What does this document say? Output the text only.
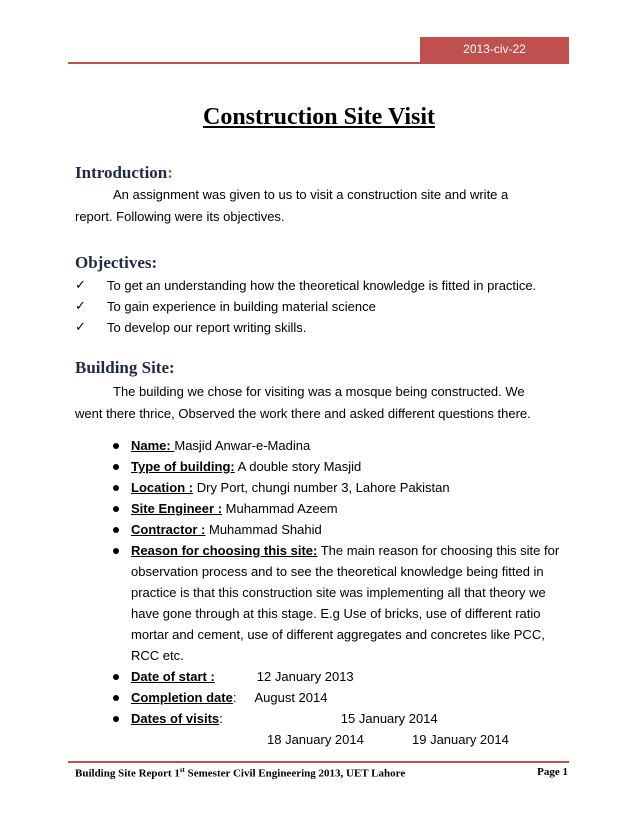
2013-civ-22
Construction Site Visit
Introduction:
An assignment was given to us to visit a construction site and write a
report. Following were its objectives.
Objectives:
✓ To get an understanding how the theoretical knowledge is fitted in practice.
✓ To gain experience in building material science
✓ To develop our report writing skills.
Building Site:
The building we chose for visiting was a mosque being constructed. We
went there thrice, Observed the work there and asked different questions there.
Name: Masjid Anwar-e-Madina
Type of building: A double story Masjid
Location : Dry Port, chungi number 3, Lahore Pakistan
Site Engineer : Muhammad Azeem
Contractor : Muhammad Shahid
Reason for choosing this site: The main reason for choosing this site for observation process and to see the theoretical knowledge being fitted in practice is that this construction site was implementing all that theory we have gone through at this stage. E.g Use of bricks, use of different ratio mortar and cement, use of different aggregates and concretes like PCC, RCC etc.
Date of start :	12 January 2013
Completion date: August 2014
Dates of visits:	15 January 2014
18 January 2014	19 January 2014
Building Site Report 1st Semester Civil Engineering 2013, UET Lahore	Page 1
